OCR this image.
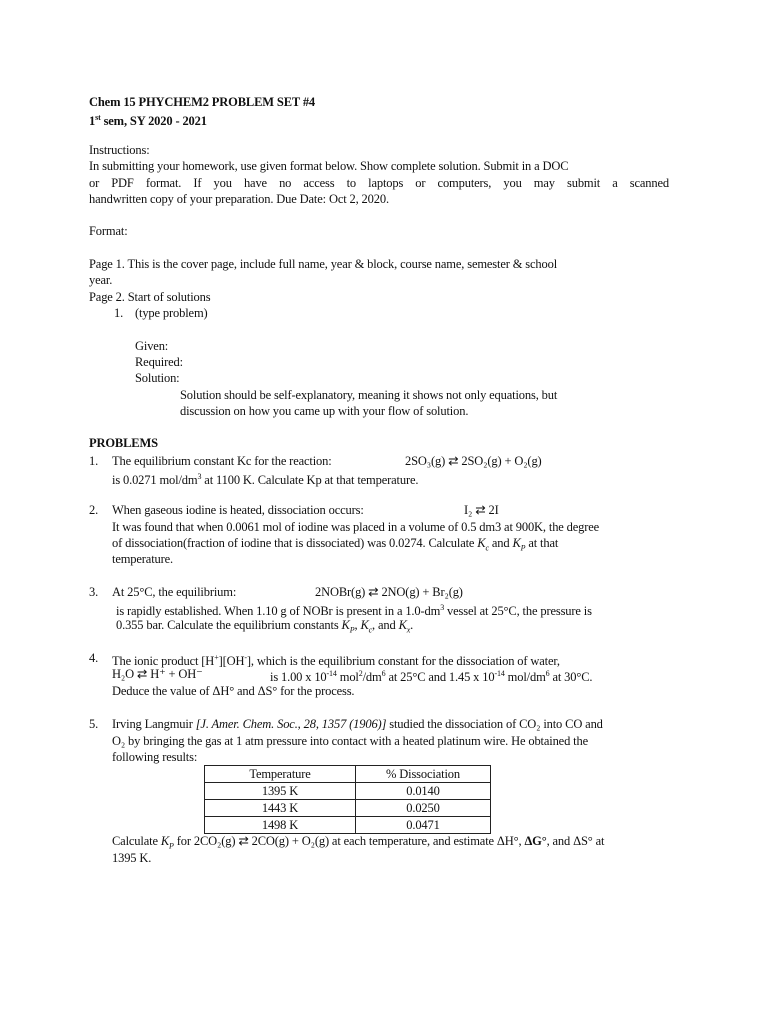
Chem 15 PHYCHEM2 PROBLEM SET #4
1st sem, SY 2020 - 2021
Instructions:
In submitting your homework, use given format below. Show complete solution. Submit in a DOC
or PDF format. If you have no access to laptops or computers, you may submit a scanned
handwritten copy of your preparation. Due Date: Oct 2, 2020.
Format:
Page 1. This is the cover page, include full name, year & block, course name, semester & school
year.
Page 2. Start of solutions
1. (type problem)
Given:
Required:
Solution:
Solution should be self-explanatory, meaning it shows not only equations, but
discussion on how you came up with your flow of solution.
PROBLEMS
1. The equilibrium constant Kc for the reaction:	2SO₃(g) ⇄ 2SO₂(g) + O₂(g)
is 0.0271 mol/$dm^3$ at 1100 K. Calculate Kp at that temperature.
2. When gaseous iodine is heated, dissociation occurs:	I₂ ⇄ 2I
It was found that when 0.0061 mol of iodine was placed in a volume of 0.5 dm3 at 900K, the degree
of dissociation(fraction of iodine that is dissociated) was 0.0274. Calculate $K_c$ and $K_P$ at that
temperature.
3. At 25°C, the equilibrium:	2NOBr(g) ⇄ 2NO(g) + Br₂(g)
is rapidly established. When 1.10 g of NOBr is present in a $1.0-dm^3$ vessel at 25°C, the pressure is
0.355 bar. Calculate the equilibrium constants $K_P$, $K_c$, and $K_x$.
4. The ionic product [H+][OH-], which is the equilibrium constant for the dissociation of water,
H₂O ⇄ H⁺ + OH⁻	is 1.00 x $10^{-14}$ $mol^2/dm^6$ at 25°C and 1.45 x $10^{-14}$ mol/$dm^6$ at 30°C.
Deduce the value of ΔH° and ΔS° for the process.
5. Irving Langmuir [J. Amer. Chem. Soc., 28, 1357 (1906)] studied the dissociation of CO₂ into CO and
O₂ by bringing the gas at 1 atm pressure into contact with a heated platinum wire. He obtained the
following results:
Temperature	% Dissociation
1395 K	0.0140
1443 K	0.0250
1498 K	0.0471
Calculate $K_P$ for 2CO₂(g) ⇄ 2CO(g) + O₂(g) at each temperature, and estimate ΔH°, ΔG°, and ΔS° at
1395 K.
